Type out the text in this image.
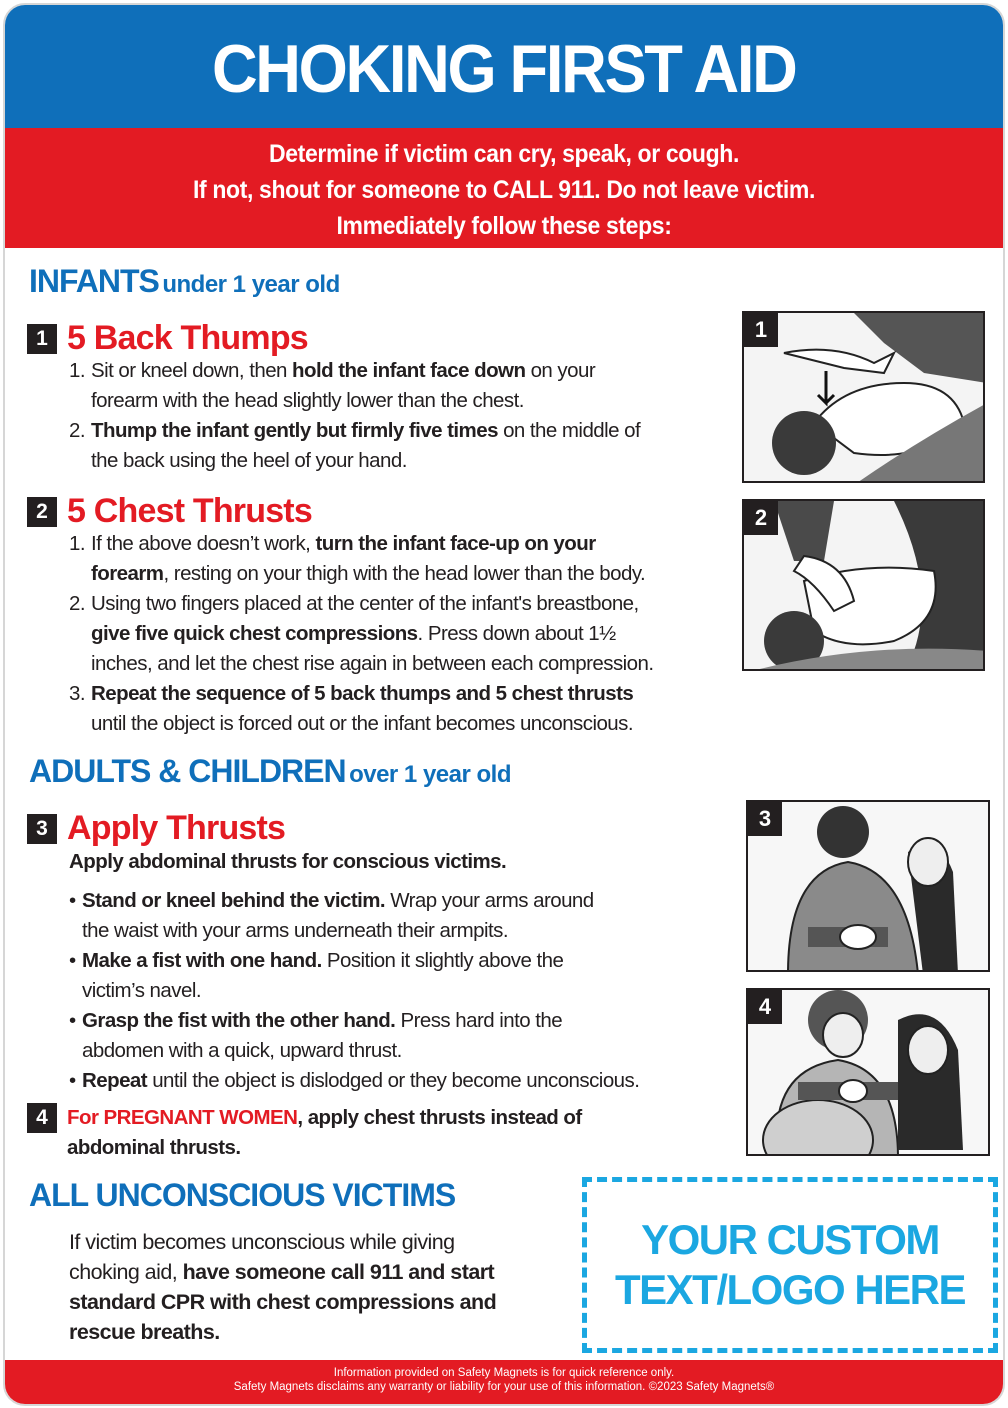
CHOKING FIRST AID
Determine if victim can cry, speak, or cough.
If not, shout for someone to CALL 911. Do not leave victim.
Immediately follow these steps:
INFANTS under 1 year old
1 5 Back Thumps
1. Sit or kneel down, then hold the infant face down on your
forearm with the head slightly lower than the chest.
2. Thump the infant gently but firmly five times on the middle of
the back using the heel of your hand.
2 5 Chest Thrusts
1. If the above doesn’t work, turn the infant face-up on your
forearm, resting on your thigh with the head lower than the body.
2. Using two fingers placed at the center of the infant's breastbone,
give five quick chest compressions. Press down about 1½
inches, and let the chest rise again in between each compression.
3. Repeat the sequence of 5 back thumps and 5 chest thrusts
until the object is forced out or the infant becomes unconscious.
ADULTS & CHILDREN over 1 year old
3 Apply Thrusts
Apply abdominal thrusts for conscious victims.
• Stand or kneel behind the victim. Wrap your arms around
the waist with your arms underneath their armpits.
• Make a fist with one hand. Position it slightly above the
victim’s navel.
• Grasp the fist with the other hand. Press hard into the
abdomen with a quick, upward thrust.
• Repeat until the object is dislodged or they become unconscious.
4 For PREGNANT WOMEN, apply chest thrusts instead of
abdominal thrusts.
ALL UNCONSCIOUS VICTIMS
If victim becomes unconscious while giving
choking aid, have someone call 911 and start
standard CPR with chest compressions and
rescue breaths.
1
2
3
4
YOUR CUSTOM
TEXT/LOGO HERE
Information provided on Safety Magnets is for quick reference only.
Safety Magnets disclaims any warranty or liability for your use of this information. ©2023 Safety Magnets®
